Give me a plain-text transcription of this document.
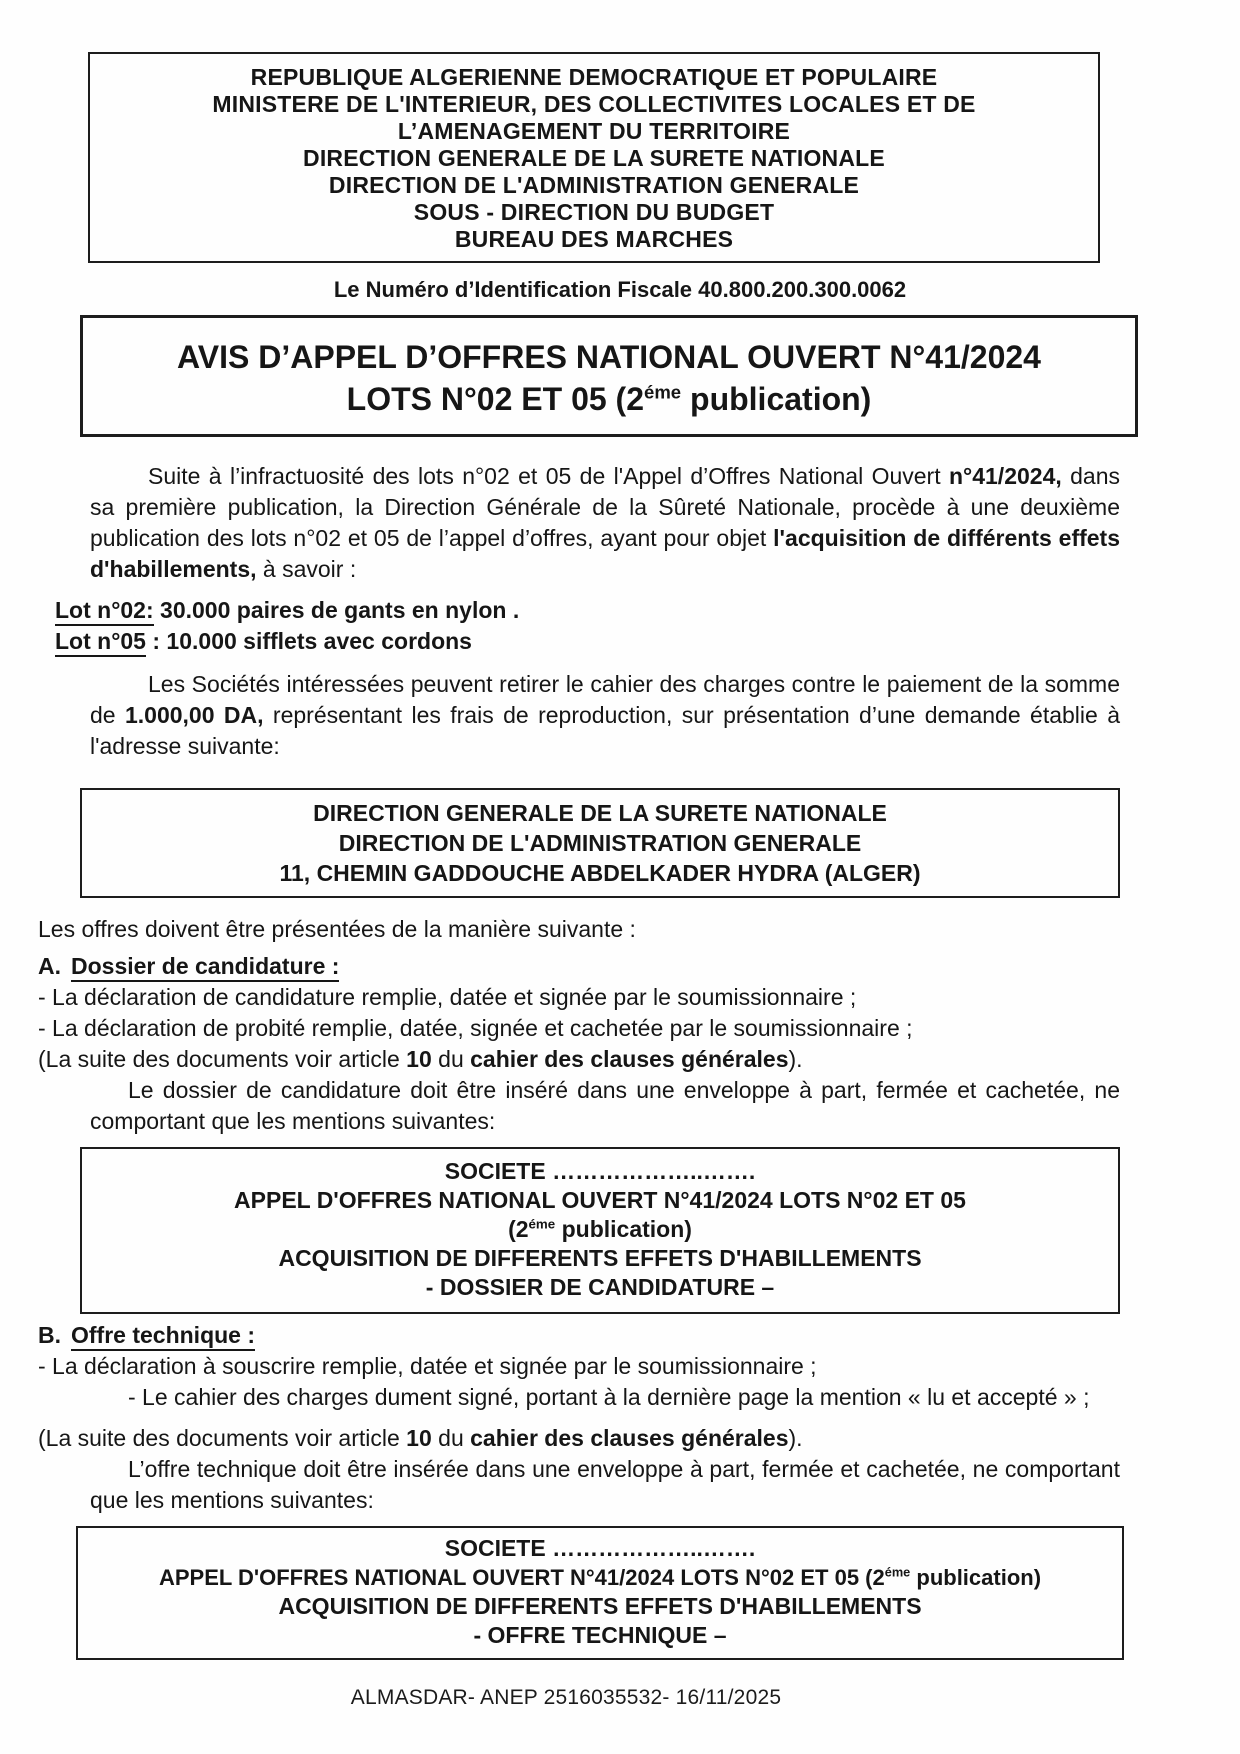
REPUBLIQUE ALGERIENNE DEMOCRATIQUE ET POPULAIRE
MINISTERE DE L'INTERIEUR, DES COLLECTIVITES LOCALES ET DE
L’AMENAGEMENT DU TERRITOIRE
DIRECTION GENERALE DE LA SURETE NATIONALE
DIRECTION DE L'ADMINISTRATION GENERALE
SOUS - DIRECTION DU BUDGET
BUREAU DES MARCHES
Le Numéro d’Identification Fiscale 40.800.200.300.0062
AVIS D’APPEL D’OFFRES NATIONAL OUVERT N°41/2024
LOTS N°02 ET 05 ($2^{éme}$ publication)

Suite à l’infractuosité des lots n°02 et 05 de l'Appel d’Offres National Ouvert n°41/2024, dans sa première publication, la Direction Générale de la Sûreté Nationale, procède à une deuxième publication des lots n°02 et 05 de l’appel d’offres, ayant pour objet l'acquisition de différents effets d'habillements, à savoir :

Lot n°02: 30.000 paires de gants en nylon .
Lot n°05 : 10.000 sifflets avec cordons

Les Sociétés intéressées peuvent retirer le cahier des charges contre le paiement de la somme de 1.000,00 DA, représentant les frais de reproduction, sur présentation d’une demande établie à l'adresse suivante:

DIRECTION GENERALE DE LA SURETE NATIONALE
DIRECTION DE L'ADMINISTRATION GENERALE
11, CHEMIN GADDOUCHE ABDELKADER HYDRA (ALGER)

Les offres doivent être présentées de la manière suivante :

A. Dossier de candidature :

- La déclaration de candidature remplie, datée et signée par le soumissionnaire ;

- La déclaration de probité remplie, datée, signée et cachetée par le soumissionnaire ;

(La suite des documents voir article 10 du cahier des clauses générales).

Le dossier de candidature doit être inséré dans une enveloppe à part, fermée et cachetée, ne comportant que les mentions suivantes:

SOCIETE ………………..…….
APPEL D'OFFRES NATIONAL OUVERT N°41/2024 LOTS N°02 ET 05
($2^{éme}$ publication)
ACQUISITION DE DIFFERENTS EFFETS D'HABILLEMENTS
- DOSSIER DE CANDIDATURE –

B. Offre technique :

- La déclaration à souscrire remplie, datée et signée par le soumissionnaire ;

- Le cahier des charges dument signé, portant à la dernière page la mention « lu et accepté » ;

(La suite des documents voir article 10 du cahier des clauses générales).

L’offre technique doit être insérée dans une enveloppe à part, fermée et cachetée, ne comportant que les mentions suivantes:

SOCIETE ………………..…….
APPEL D'OFFRES NATIONAL OUVERT N°41/2024 LOTS N°02 ET 05 ($2^{éme}$ publication)
ACQUISITION DE DIFFERENTS EFFETS D'HABILLEMENTS
- OFFRE TECHNIQUE –
ALMASDAR- ANEP 2516035532- 16/11/2025
